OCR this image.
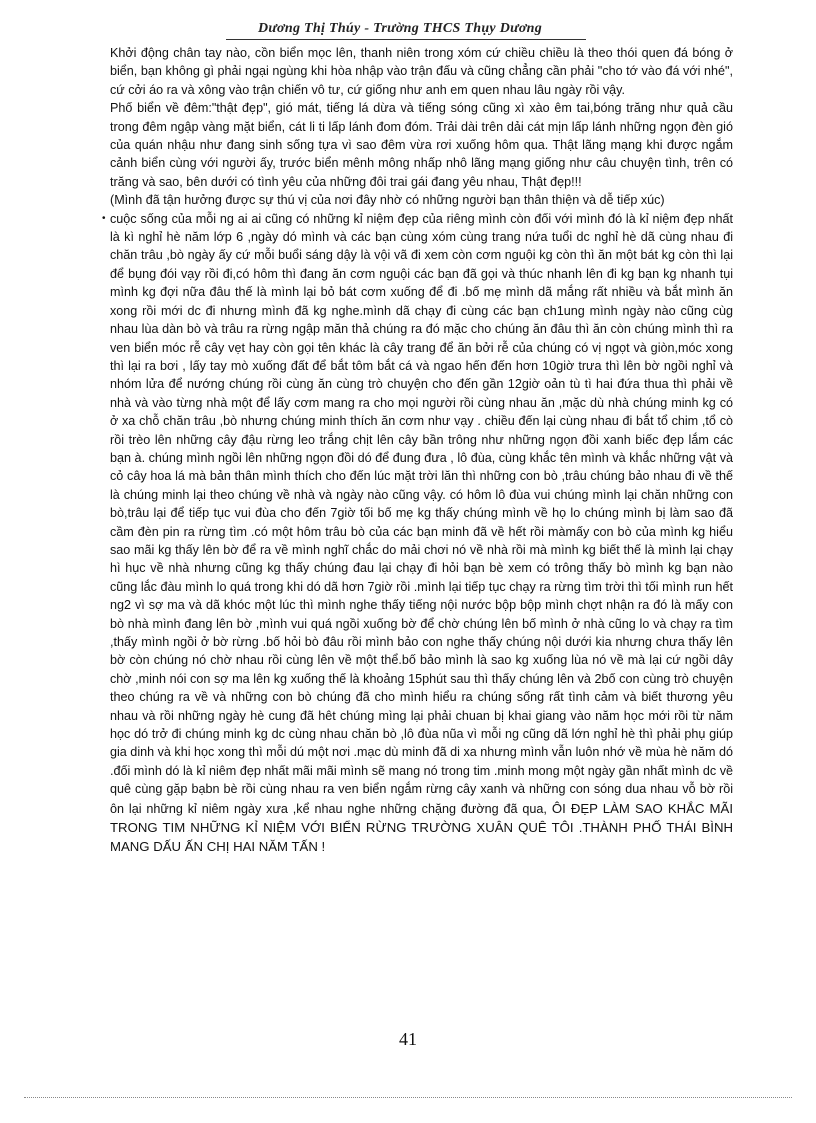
Dương Thị Thúy - Trường THCS Thụy Dương

Khởi động chân tay nào, cồn biển mọc lên, thanh niên trong xóm cứ chiều chiều là theo thói quen đá bóng ở biển, bạn không gì phải ngại ngùng khi hòa nhập vào trận đấu và cũng chẳng cần phải "cho tớ vào đá với nhé", cứ cởi áo ra và xông vào trận chiến vô tư, cứ giống như anh em quen nhau lâu ngày rồi vậy.

Phố biển về đêm:"thật đẹp", gió mát, tiếng lá dừa và tiếng sóng cũng xì xào êm tai,bóng trăng như quả cầu trong đêm ngập vàng mặt biển, cát li ti lấp lánh đom đóm. Trải dài trên dải cát mịn lấp lánh những ngọn đèn gió của quán nhậu như đang sinh sống tựa vì sao đêm vừa rơi xuống hôm qua. Thật lãng mạng khi được ngắm cảnh biển cùng với người ấy, trước biển mênh mông nhấp nhô lãng mạng giống như câu chuyện tình, trên có trăng và sao, bên dưới có tình yêu của những đôi trai gái đang yêu nhau, Thật đẹp!!!

(Mình đã tận hưởng được sự thú vị của nơi đây nhờ có những người bạn thân thiện và dễ tiếp xúc)

• cuộc sống của mỗi ng ai ai cũng có những kỉ niệm đẹp của riêng mình còn đối với mình đó là kỉ niệm đẹp nhất là kì nghỉ hè năm lớp 6 ,ngày dó mình và các bạn cùng xóm cùng trang nứa tuổi dc nghỉ hè dã cùng nhau đi chăn trâu ,bò ngày ấy cứ mỗi buổi sáng dậy là vội vã đi xem còn cơm nguội kg còn thì ăn một bát kg còn thì lại để bụng đói vạy rồi đi,có hôm thì đang ăn cơm nguội các bạn đã gọi và thúc nhanh lên đi kg bạn kg nhanh tụi mình kg đợi nữa đâu thế là mình lại bỏ bát cơm xuống để đi .bố mẹ mình dã mắng rất nhiều và bắt mình ăn xong rồi mới dc đi nhưng mình đã kg nghe.mình dã chạy đi cùng các bạn ch1ung mình ngày nào cũng cùg nhau lùa dàn bò và trâu ra rừng ngập măn thả chúng ra đó mặc cho chúng ăn đâu thì ăn còn chúng mình thì ra ven biển móc rễ cây vẹt hay còn gọi tên khác là cây trang để ăn bởi rễ của chúng có vị ngọt và giòn,móc xong thì lại ra bơi , lấy tay mò xuống đất để bắt tôm bắt cá và ngao hến đến hơn 10giờ trưa thì lên bờ ngồi nghỉ và nhóm lửa để nướng chúng rồi cùng ăn cùng trò chuyện cho đến gần 12giờ oản tù tì hai đứa thua thì phải về nhà và vào từng nhà một để lấy cơm mang ra cho mọi người rồi cùng nhau ăn ,mặc dù nhà chúng minh kg có ở xa chỗ chăn trâu ,bò nhưng chúng minh thích ăn cơm như vạy . chiều đến lại cùng nhau đi bắt tổ chim ,tổ cò rồi trèo lên những cây đậu rừng leo trắng chịt lên cây bần trông như những ngọn đồi xanh biếc đẹp lắm các bạn à. chúng mình ngồi lên những ngọn đồi dó để đung đưa , lô đùa, cùng khắc tên mình và khắc những vật và cỏ cây hoa lá mà bản thân mình thích cho đến lúc mặt trời lăn thì những con bò ,trâu chúng bảo nhau đi về thế là chúng minh lại theo chúng về nhà và ngày nào cũng vậy. có hôm lô đùa vui chúng mình lại chăn những con bò,trâu lại để tiếp tục vui đùa cho đến 7giờ tối bố mẹ kg thấy chúng mình về họ lo chúng mình bị làm sao đã cầm đèn pin ra rừng tìm .có một hôm trâu bò của các bạn minh đã về hết rồi màmấy con bò của mình kg hiểu sao mãi kg thấy lên bờ để ra về mình nghĩ chắc do mải chơi nó về nhà rồi mà mình kg biết thế là mình lại chạy hì hục về nhà nhưng cũng kg thấy chúng đau lại chạy đi hỏi bạn bè xem có trông thấy bò mình kg bạn nào cũng lắc đàu mình lo quá trong khi dó dã hơn 7giờ rồi .mình lại tiếp tục chạy ra rừng tìm trời thì tối mình run hết ng2 vì sợ ma và dã khóc một lúc thì mình nghe thấy tiếng nội nước bộp bộp mình chợt nhận ra đó là mấy con bò nhà mình đang lên bờ ,mình vui quá ngồi xuống bờ để chờ chúng lên bố mình ở nhà cũng lo và chạy ra tìm ,thấy mình ngồi ở bờ rừng .bố hỏi bò đâu rồi mình bảo con nghe thấy chúng nội dưới kia nhưng chưa thấy lên bờ còn chúng nó chờ nhau rồi cùng lên về một thể.bố bảo mình là sao kg xuống lùa nó về mà lại cứ ngồi dây chờ ,minh nói con sợ ma lên kg xuống thế là khoảng 15phút sau thì thấy chúng lên và 2bố con cùng trò chuyện theo chúng ra về và những con bò chúng đã cho mình hiểu ra chúng sống rất tình cảm và biết thương yêu nhau và rồi những ngày hè cung đã hêt chúng mìng lại phải chuan bị khai giang vào năm học mới rồi từ năm học dó trở đi chúng minh kg dc cùng nhau chăn bò ,lô đùa nũa vì mỗi ng cũng dã lớn nghỉ hè thì phải phụ giúp gia dinh và khi học xong thì mỗi dú một nơi .mạc dù minh đã di xa nhưng mình vẫn luôn nhớ về mùa hè năm dó .đối mình dó là kỉ niêm đẹp nhất mãi mãi mình sẽ mang nó trong tim .minh mong một ngày gần nhất mình dc về quê cùng gặp bạbn bè rồi cùng nhau ra ven biển ngắm rừng cây xanh và những con sóng dua nhau vỗ bờ rồi ôn lại những kỉ niêm ngày xưa ,kể nhau nghe những chặng đường đã qua, ÔI ĐẸP LÀM SAO KHẮC MÃI TRONG TIM NHỮNG KỈ NIỆM VỚI BIỂN RỪNG TRƯỜNG XUÂN QUÊ TÔI .THÀNH PHỐ THÁI BÌNH MANG DẤU ẤN CHỊ HAI NĂM TẤN !

41
